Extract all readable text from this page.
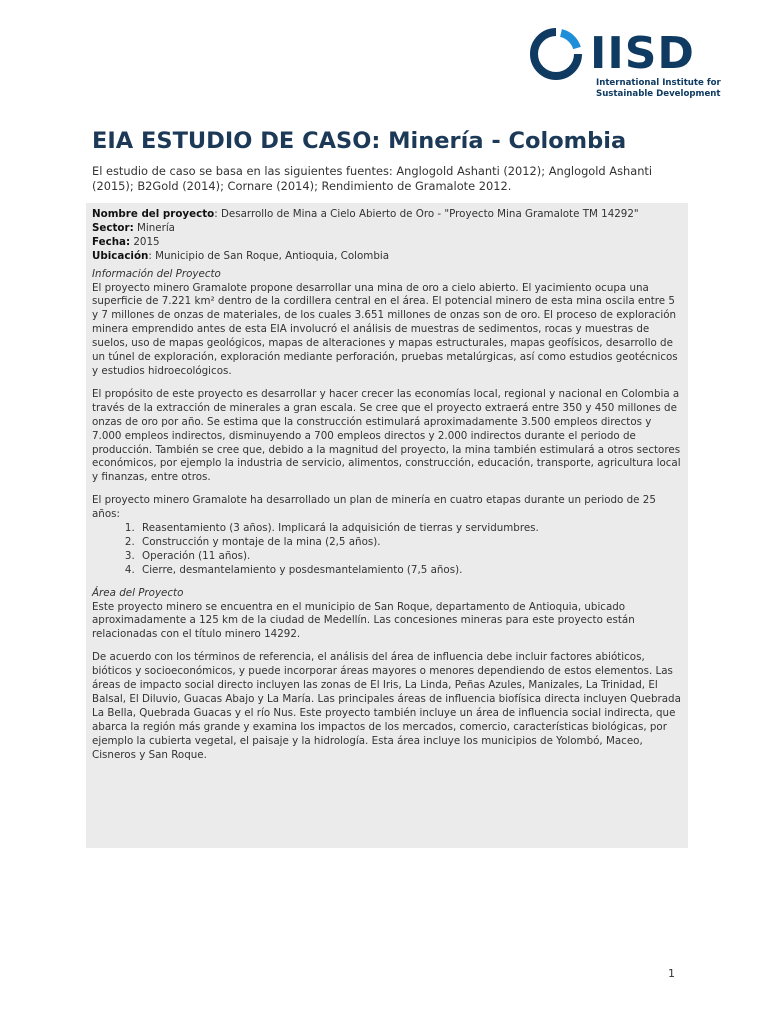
IISD
International Institute for
Sustainable Development
EIA ESTUDIO DE CASO: Minería - Colombia
El estudio de caso se basa en las siguientes fuentes: Anglogold Ashanti (2012); Anglogold Ashanti (2015); B2Gold (2014); Cornare (2014); Rendimiento de Gramalote 2012.
Nombre del proyecto: Desarrollo de Mina a Cielo Abierto de Oro - "Proyecto Mina Gramalote TM 14292"
Sector: Minería
Fecha: 2015
Ubicación: Municipio de San Roque, Antioquia, Colombia
Información del Proyecto

El proyecto minero Gramalote propone desarrollar una mina de oro a cielo abierto. El yacimiento ocupa una superficie de 7.221 km² dentro de la cordillera central en el área. El potencial minero de esta mina oscila entre 5 y 7 millones de onzas de materiales, de los cuales 3.651 millones de onzas son de oro. El proceso de exploración minera emprendido antes de esta EIA involucró el análisis de muestras de sedimentos, rocas y muestras de suelos, uso de mapas geológicos, mapas de alteraciones y mapas estructurales, mapas geofísicos, desarrollo de un túnel de exploración, exploración mediante perforación, pruebas metalúrgicas, así como estudios geotécnicos y estudios hidroecológicos.

El propósito de este proyecto es desarrollar y hacer crecer las economías local, regional y nacional en Colombia a través de la extracción de minerales a gran escala. Se cree que el proyecto extraerá entre 350 y 450 millones de onzas de oro por año. Se estima que la construcción estimulará aproximadamente 3.500 empleos directos y 7.000 empleos indirectos, disminuyendo a 700 empleos directos y 2.000 indirectos durante el periodo de producción. También se cree que, debido a la magnitud del proyecto, la mina también estimulará a otros sectores económicos, por ejemplo la industria de servicio, alimentos, construcción, educación, transporte, agricultura local y finanzas, entre otros.

El proyecto minero Gramalote ha desarrollado un plan de minería en cuatro etapas durante un periodo de 25 años:

1. Reasentamiento (3 años). Implicará la adquisición de tierras y servidumbres.
2. Construcción y montaje de la mina (2,5 años).
3. Operación (11 años).
4. Cierre, desmantelamiento y posdesmantelamiento (7,5 años).
Área del Proyecto

Este proyecto minero se encuentra en el municipio de San Roque, departamento de Antioquia, ubicado aproximadamente a 125 km de la ciudad de Medellín. Las concesiones mineras para este proyecto están relacionadas con el título minero 14292.

De acuerdo con los términos de referencia, el análisis del área de influencia debe incluir factores abióticos, bióticos y socioeconómicos, y puede incorporar áreas mayores o menores dependiendo de estos elementos. Las áreas de impacto social directo incluyen las zonas de El Iris, La Linda, Peñas Azules, Manizales, La Trinidad, El Balsal, El Diluvio, Guacas Abajo y La María. Las principales áreas de influencia biofísica directa incluyen Quebrada La Bella, Quebrada Guacas y el río Nus. Este proyecto también incluye un área de influencia social indirecta, que abarca la región más grande y examina los impactos de los mercados, comercio, características biológicas, por ejemplo la cubierta vegetal, el paisaje y la hidrología. Esta área incluye los municipios de Yolombó, Maceo, Cisneros y San Roque.

1
